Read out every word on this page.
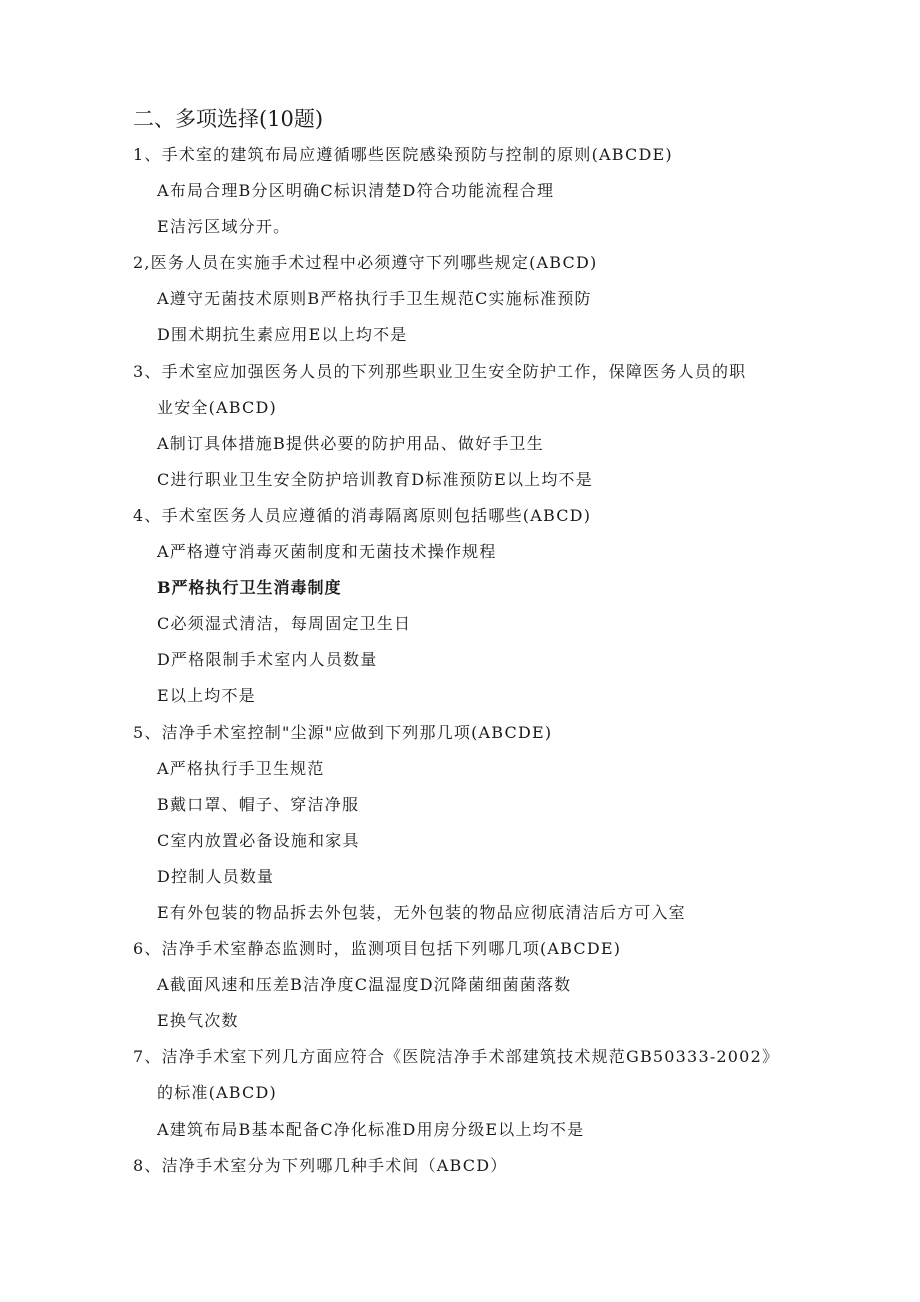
二、多项选择(10题)
1、手术室的建筑布局应遵循哪些医院感染预防与控制的原则(ABCDE)
A布局合理B分区明确C标识清楚D符合功能流程合理
E洁污区域分开。
2,医务人员在实施手术过程中必须遵守下列哪些规定(ABCD)
A遵守无菌技术原则B严格执行手卫生规范C实施标准预防
D围术期抗生素应用E以上均不是
3、手术室应加强医务人员的下列那些职业卫生安全防护工作，保障医务人员的职
业安全(ABCD)
A制订具体措施B提供必要的防护用品、做好手卫生
C进行职业卫生安全防护培训教育D标准预防E以上均不是
4、手术室医务人员应遵循的消毒隔离原则包括哪些(ABCD)
A严格遵守消毒灭菌制度和无菌技术操作规程
B严格执行卫生消毒制度
C必须湿式清洁，每周固定卫生日
D严格限制手术室内人员数量
E以上均不是
5、洁净手术室控制"尘源"应做到下列那几项(ABCDE)
A严格执行手卫生规范
B戴口罩、帽子、穿洁净服
C室内放置必备设施和家具
D控制人员数量
E有外包装的物品拆去外包装，无外包装的物品应彻底清洁后方可入室
6、洁净手术室静态监测时，监测项目包括下列哪几项(ABCDE)
A截面风速和压差B洁净度C温湿度D沉降菌细菌菌落数
E换气次数
7、洁净手术室下列几方面应符合《医院洁净手术部建筑技术规范GB50333-2002》
的标准(ABCD)
A建筑布局B基本配备C净化标准D用房分级E以上均不是
8、洁净手术室分为下列哪几种手术间（ABCD）
